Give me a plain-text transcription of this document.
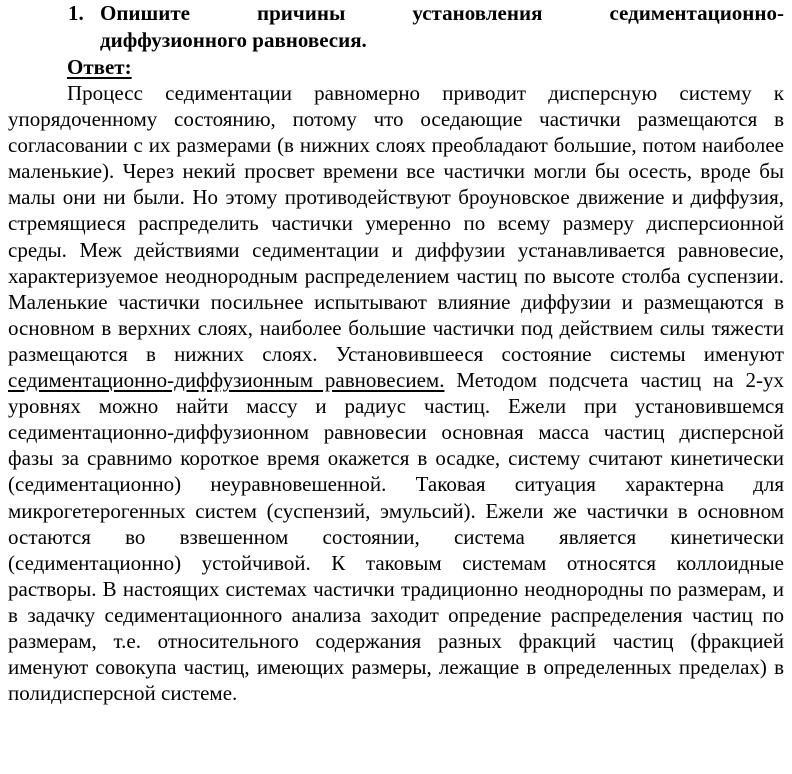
1. Опишите причины установления седиментационно-
диффузионного равновесия.
Ответ:

Процесс седиментации равномерно приводит дисперсную систему к упорядоченному состоянию, потому что оседающие частички размещаются в согласовании с их размерами (в нижних слоях преобладают большие, потом наиболее маленькие). Через некий просвет времени все частички могли бы осесть, вроде бы малы они ни были. Но этому противодействуют броуновское движение и диффузия, стремящиеся распределить частички умеренно по всему размеру дисперсионной среды. Меж действиями седиментации и диффузии устанавливается равновесие, характеризуемое неоднородным распределением частиц по высоте столба суспензии. Маленькие частички посильнее испытывают влияние диффузии и размещаются в основном в верхних слоях, наиболее большие частички под действием силы тяжести размещаются в нижних слоях. Установившееся состояние системы именуют седиментационно-диффузионным равновесием. Методом подсчета частиц на 2-ух уровнях можно найти массу и радиус частиц. Ежели при установившемся седиментационно-диффузионном равновесии основная масса частиц дисперсной фазы за сравнимо короткое время окажется в осадке, систему считают кинетически (седиментационно) неуравновешенной. Таковая ситуация характерна для микрогетерогенных систем (суспензий, эмульсий). Ежели же частички в основном остаются во взвешенном состоянии, система является кинетически (седиментационно) устойчивой. К таковым системам относятся коллоидные растворы. В настоящих системах частички традиционно неоднородны по размерам, и в задачку седиментационного анализа заходит опредение распределения частиц по размерам, т.е. относительного содержания разных фракций частиц (фракцией именуют совокупа частиц, имеющих размеры, лежащие в определенных пределах) в полидисперсной системе.
